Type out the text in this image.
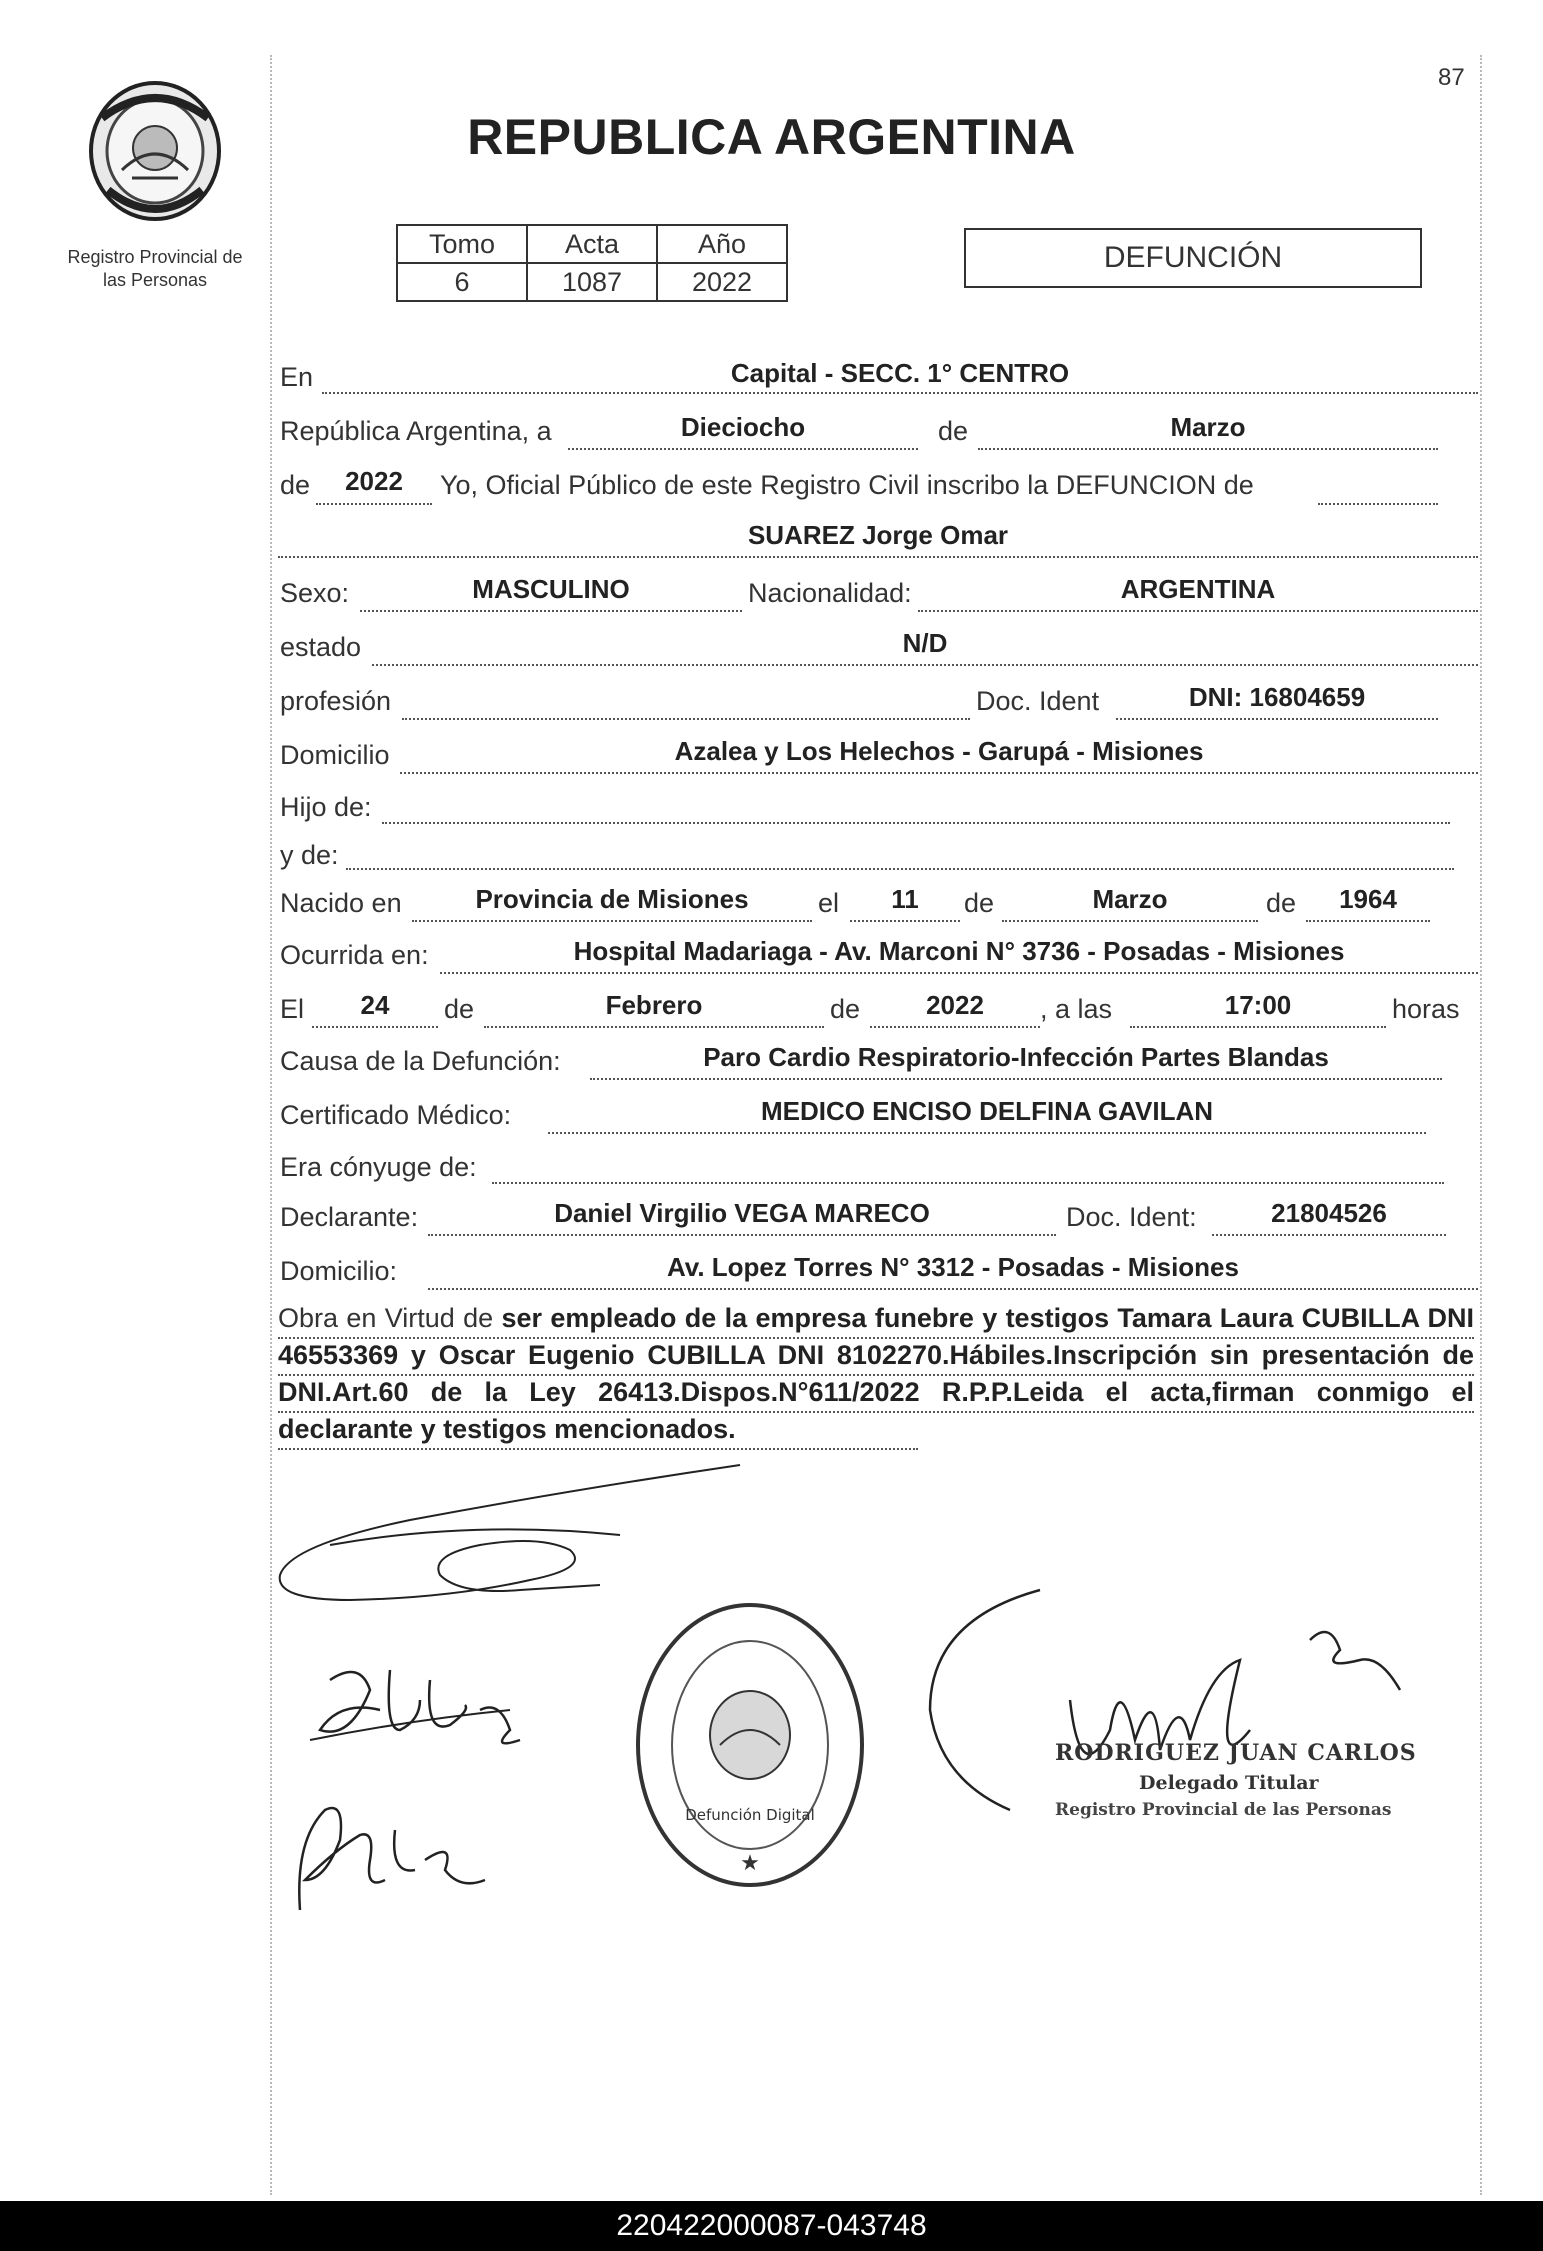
Registro Provincial de
las Personas
REPUBLICA ARGENTINA
87
Tomo	Acta	Año
6	1087	2022
DEFUNCIÓN
En	Capital - SECC. 1° CENTRO
República Argentina, a	Dieciocho	de	Marzo
de	2022	Yo, Oficial Público de este Registro Civil inscribo la DEFUNCION de
SUAREZ Jorge Omar
Sexo:	MASCULINO	Nacionalidad:	ARGENTINA
estado	N/D
profesión	Doc. Ident	DNI: 16804659
Domicilio	Azalea y Los Helechos - Garupá - Misiones
Hijo de:
y de:
Nacido en	Provincia de Misiones	el	11	de	Marzo	de	1964
Ocurrida en:	Hospital Madariaga - Av. Marconi N° 3736 - Posadas - Misiones
El	24	de	Febrero	de	2022	, a las	17:00	horas
Causa de la Defunción:	Paro Cardio Respiratorio-Infección Partes Blandas
Certificado Médico:	MEDICO ENCISO DELFINA GAVILAN
Era cónyuge de:
Declarante:	Daniel Virgilio VEGA MARECO	Doc. Ident:	21804526
Domicilio:	Av. Lopez Torres N° 3312 - Posadas - Misiones
Obra en Virtud de ser empleado de la empresa funebre y testigos Tamara Laura CUBILLA DNI 46553369 y Oscar Eugenio CUBILLA DNI 8102270.Hábiles.Inscripción sin presentación de DNI.Art.60 de la Ley 26413.Dispos.N°611/2022 R.P.P.Leida el acta,firman conmigo el declarante y testigos mencionados.
★
Defunción Digital
RODRIGUEZ JUAN CARLOS
Delegado Titular
Registro Provincial de las Personas
220422000087-043748
